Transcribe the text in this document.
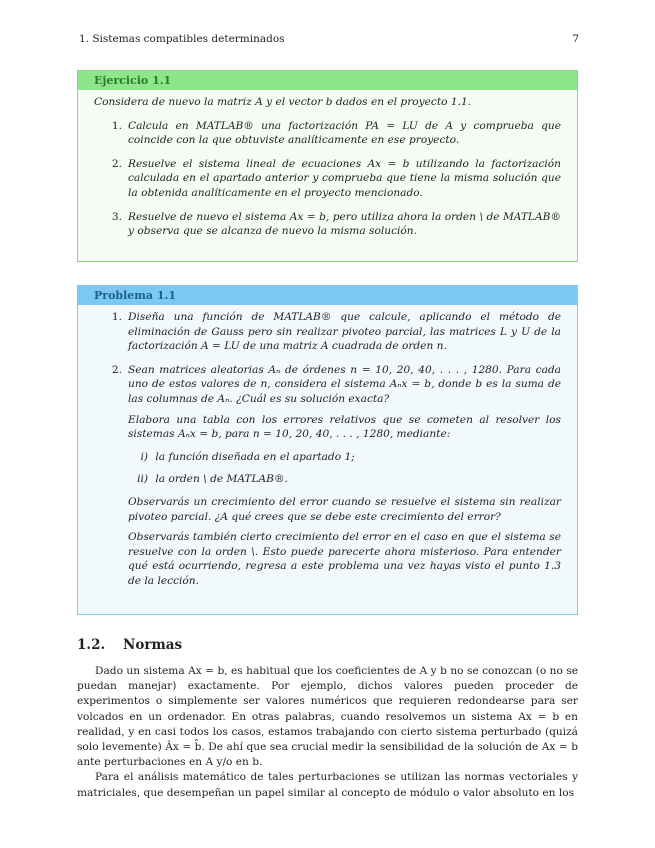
1. Sistemas compatibles determinados	7
Ejercicio 1.1

Considera de nuevo la matriz A y el vector b dados en el proyecto 1.1.

1. Calcula en MATLAB® una factorización PA = LU de A y comprueba que coincide con la que obtuviste analíticamente en ese proyecto.
2. Resuelve el sistema lineal de ecuaciones Ax = b utilizando la factorización calculada en el apartado anterior y comprueba que tiene la misma solución que la obtenida analíticamente en el proyecto mencionado.
3. Resuelve de nuevo el sistema Ax = b, pero utiliza ahora la orden \ de MATLAB® y observa que se alcanza de nuevo la misma solución.
Problema 1.1
1. Diseña una función de MATLAB® que calcule, aplicando el método de eliminación de Gauss pero sin realizar pivoteo parcial, las matrices L y U de la factorización A = LU de una matriz A cuadrada de orden n.
2. Sean matrices aleatorias Aₙ de órdenes n = 10, 20, 40, . . . , 1280. Para cada uno de estos valores de n, considera el sistema Aₙx = b, donde b es la suma de las columnas de Aₙ. ¿Cuál es su solución exacta?

Elabora una tabla con los errores relativos que se cometen al resolver los sistemas Aₙx = b, para n = 10, 20, 40, . . . , 1280, mediante:

i) la función diseñada en el apartado 1;
ii) la orden \ de MATLAB®.

Observarás un crecimiento del error cuando se resuelve el sistema sin realizar pivoteo parcial. ¿A qué crees que se debe este crecimiento del error?

Observarás también cierto crecimiento del error en el caso en que el sistema se resuelve con la orden \. Esto puede parecerte ahora misterioso. Para entender qué está ocurriendo, regresa a este problema una vez hayas visto el punto 1.3 de la lección.

1.2. Normas

Dado un sistema Ax = b, es habitual que los coeficientes de A y b no se conozcan (o no se puedan manejar) exactamente. Por ejemplo, dichos valores pueden proceder de experimentos o simplemente ser valores numéricos que requieren redondearse para ser volcados en un ordenador. En otras palabras, cuando resolvemos un sistema Ax = b en realidad, y en casi todos los casos, estamos trabajando con cierto sistema perturbado (quizá solo levemente) Âx = b̂. De ahí que sea crucial medir la sensibilidad de la solución de Ax = b ante perturbaciones en A y/o en b.

Para el análisis matemático de tales perturbaciones se utilizan las normas vectoriales y matriciales, que desempeñan un papel similar al concepto de módulo o valor absoluto en los
